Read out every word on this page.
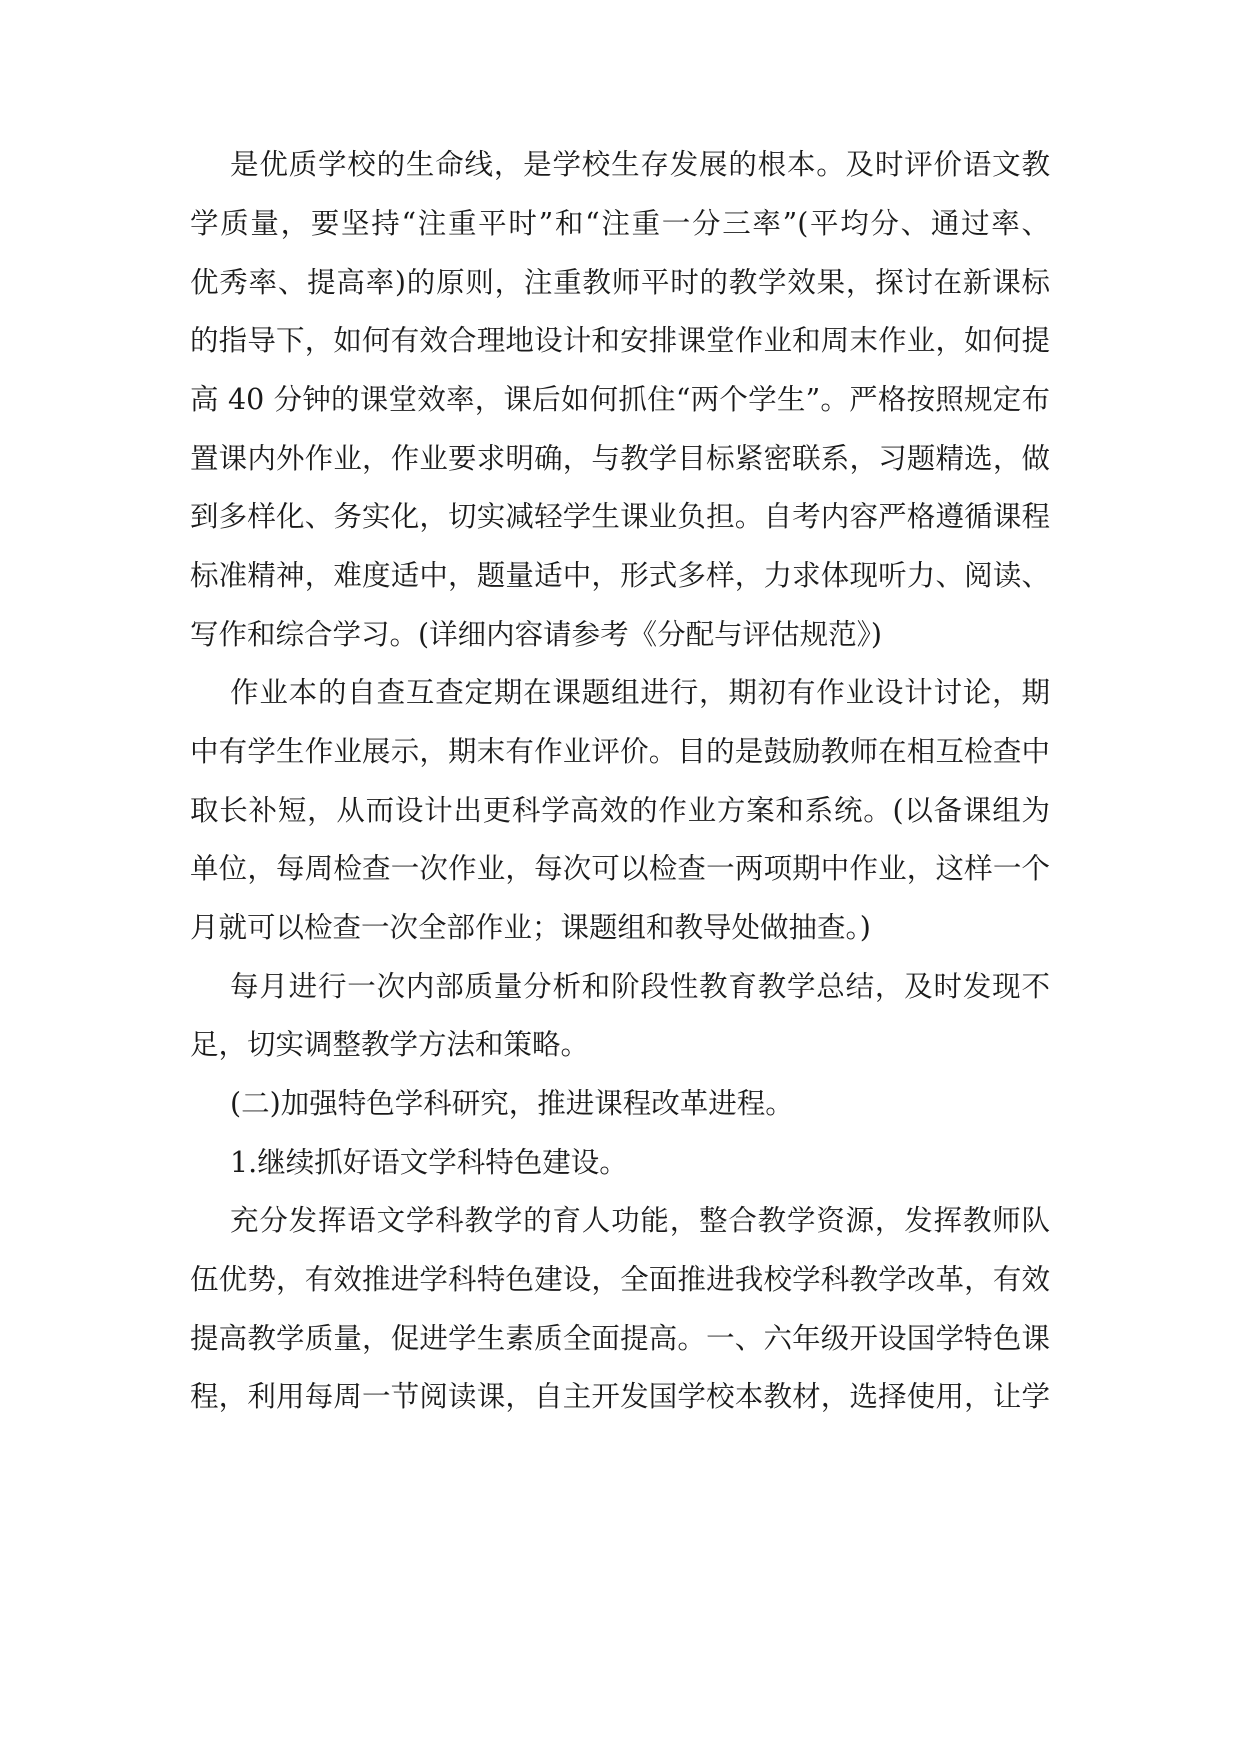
是优质学校的生命线，是学校生存发展的根本。及时评价语文教
学质量，要坚持“注重平时”和“注重一分三率”(平均分、通过率、
优秀率、提高率)的原则，注重教师平时的教学效果，探讨在新课标
的指导下，如何有效合理地设计和安排课堂作业和周末作业，如何提
高 40 分钟的课堂效率，课后如何抓住“两个学生”。严格按照规定布
置课内外作业，作业要求明确，与教学目标紧密联系，习题精选，做
到多样化、务实化，切实减轻学生课业负担。自考内容严格遵循课程
标准精神，难度适中，题量适中，形式多样，力求体现听力、阅读、
写作和综合学习。(详细内容请参考《分配与评估规范》)
作业本的自查互查定期在课题组进行，期初有作业设计讨论，期
中有学生作业展示，期末有作业评价。目的是鼓励教师在相互检查中
取长补短，从而设计出更科学高效的作业方案和系统。(以备课组为
单位，每周检查一次作业，每次可以检查一两项期中作业，这样一个
月就可以检查一次全部作业；课题组和教导处做抽查。)
每月进行一次内部质量分析和阶段性教育教学总结，及时发现不
足，切实调整教学方法和策略。
(二)加强特色学科研究，推进课程改革进程。
1.继续抓好语文学科特色建设。
充分发挥语文学科教学的育人功能，整合教学资源，发挥教师队
伍优势，有效推进学科特色建设，全面推进我校学科教学改革，有效
提高教学质量，促进学生素质全面提高。一、六年级开设国学特色课
程，利用每周一节阅读课，自主开发国学校本教材，选择使用，让学
